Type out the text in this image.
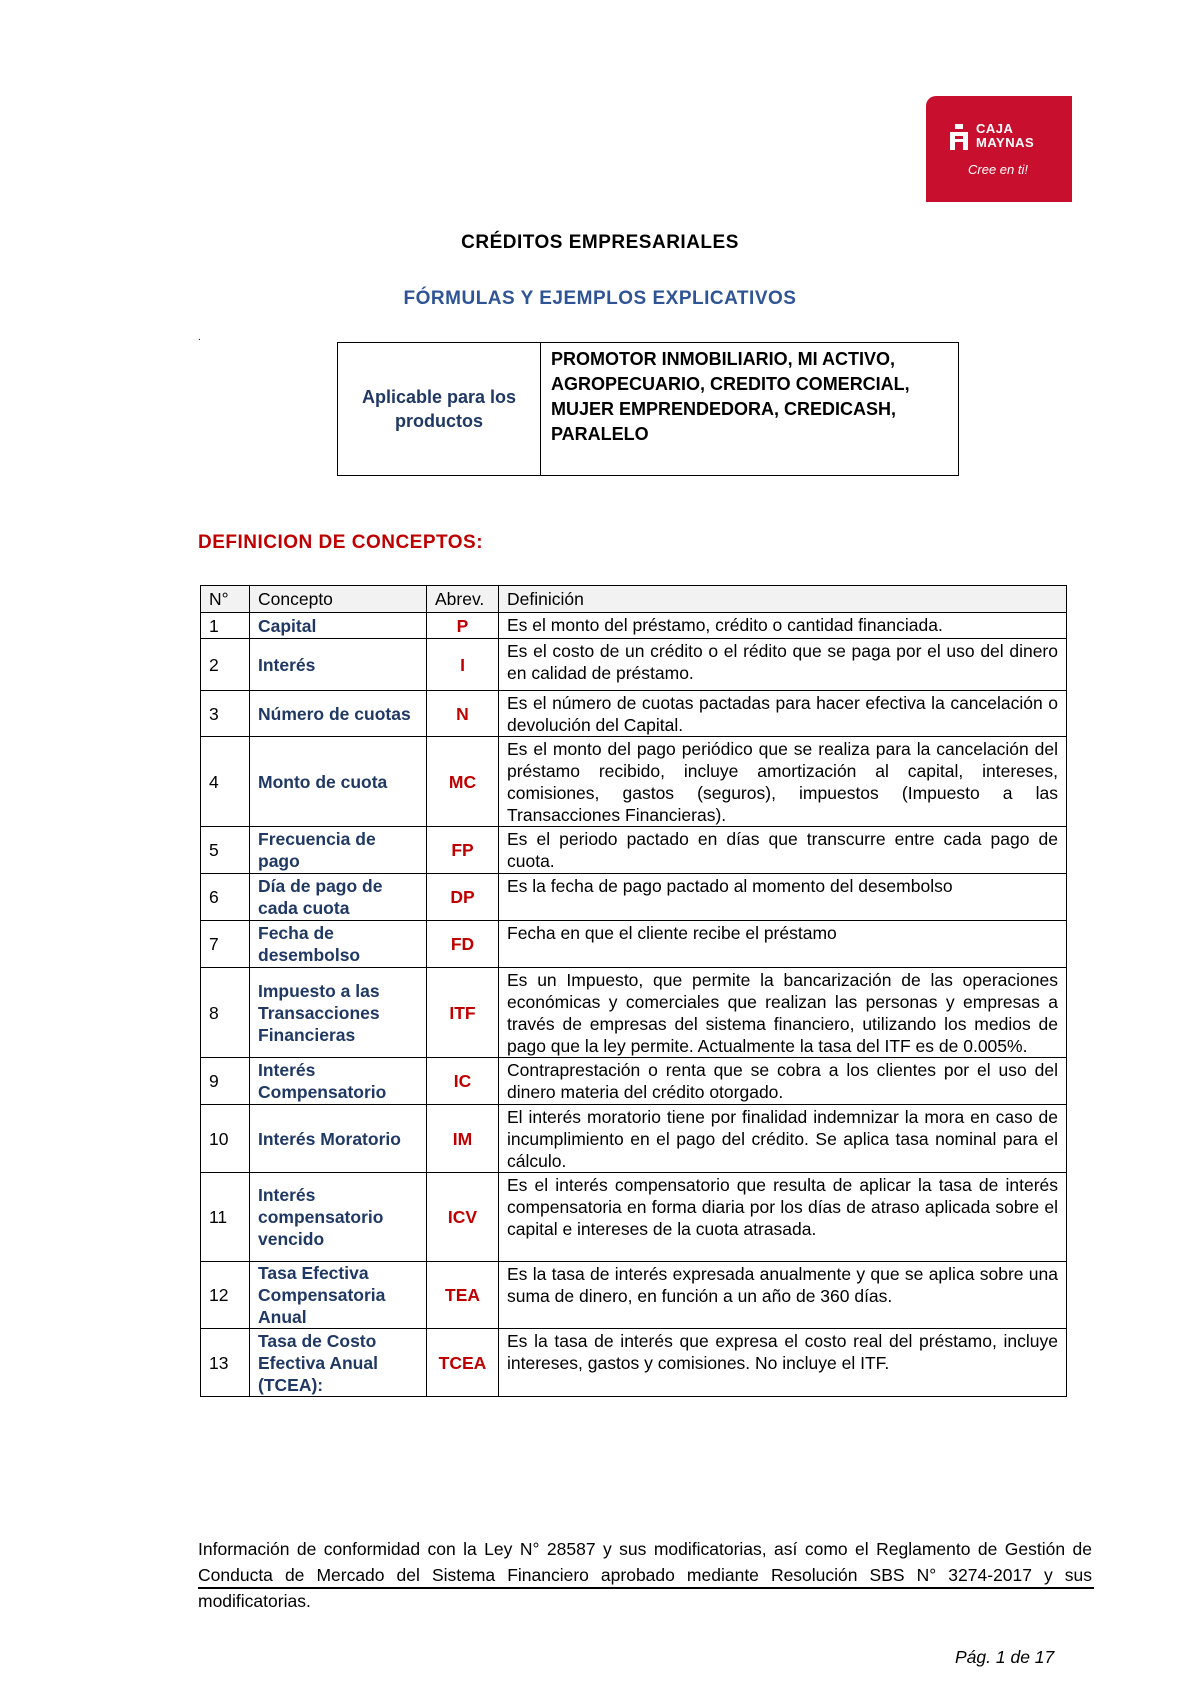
CAJA
MAYNAS
Cree en ti!
CRÉDITOS EMPRESARIALES
FÓRMULAS Y EJEMPLOS EXPLICATIVOS
.
Aplicable para los productos	PROMOTOR INMOBILIARIO, MI ACTIVO, AGROPECUARIO, CREDITO COMERCIAL, MUJER EMPRENDEDORA, CREDICASH, PARALELO
DEFINICION DE CONCEPTOS:
N°	Concepto	Abrev.	Definición
1	Capital	P	Es el monto del préstamo, crédito o cantidad financiada.
2	Interés	I	Es el costo de un crédito o el rédito que se paga por el uso del dinero en calidad de préstamo.
3	Número de cuotas	N	Es el número de cuotas pactadas para hacer efectiva la cancelación o devolución del Capital.
4	Monto de cuota	MC	Es el monto del pago periódico que se realiza para la cancelación del préstamo recibido, incluye amortización al capital, intereses, comisiones, gastos (seguros), impuestos (Impuesto a las Transacciones Financieras).
5	Frecuencia de pago	FP	Es el periodo pactado en días que transcurre entre cada pago de cuota.
6	Día de pago de cada cuota	DP	Es la fecha de pago pactado al momento del desembolso
7	Fecha de desembolso	FD	Fecha en que el cliente recibe el préstamo
8	Impuesto a las Transacciones Financieras	ITF	Es un Impuesto, que permite la bancarización de las operaciones económicas y comerciales que realizan las personas y empresas a través de empresas del sistema financiero, utilizando los medios de pago que la ley permite. Actualmente la tasa del ITF es de 0.005%.
9	Interés Compensatorio	IC	Contraprestación o renta que se cobra a los clientes por el uso del dinero materia del crédito otorgado.
10	Interés Moratorio	IM	El interés moratorio tiene por finalidad indemnizar la mora en caso de incumplimiento en el pago del crédito. Se aplica tasa nominal para el cálculo.
11	Interés compensatorio vencido	ICV	Es el interés compensatorio que resulta de aplicar la tasa de interés compensatoria en forma diaria por los días de atraso aplicada sobre el capital e intereses de la cuota atrasada.
12	Tasa Efectiva Compensatoria Anual	TEA	Es la tasa de interés expresada anualmente y que se aplica sobre una suma de dinero, en función a un año de 360 días.
13	Tasa de Costo Efectiva Anual (TCEA):	TCEA	Es la tasa de interés que expresa el costo real del préstamo, incluye intereses, gastos y comisiones. No incluye el ITF.
Información de conformidad con la Ley N° 28587 y sus modificatorias, así como el Reglamento de Gestión de Conducta de Mercado del Sistema Financiero aprobado mediante Resolución SBS N° 3274-2017 y sus modificatorias.
Pág. 1 de 17
